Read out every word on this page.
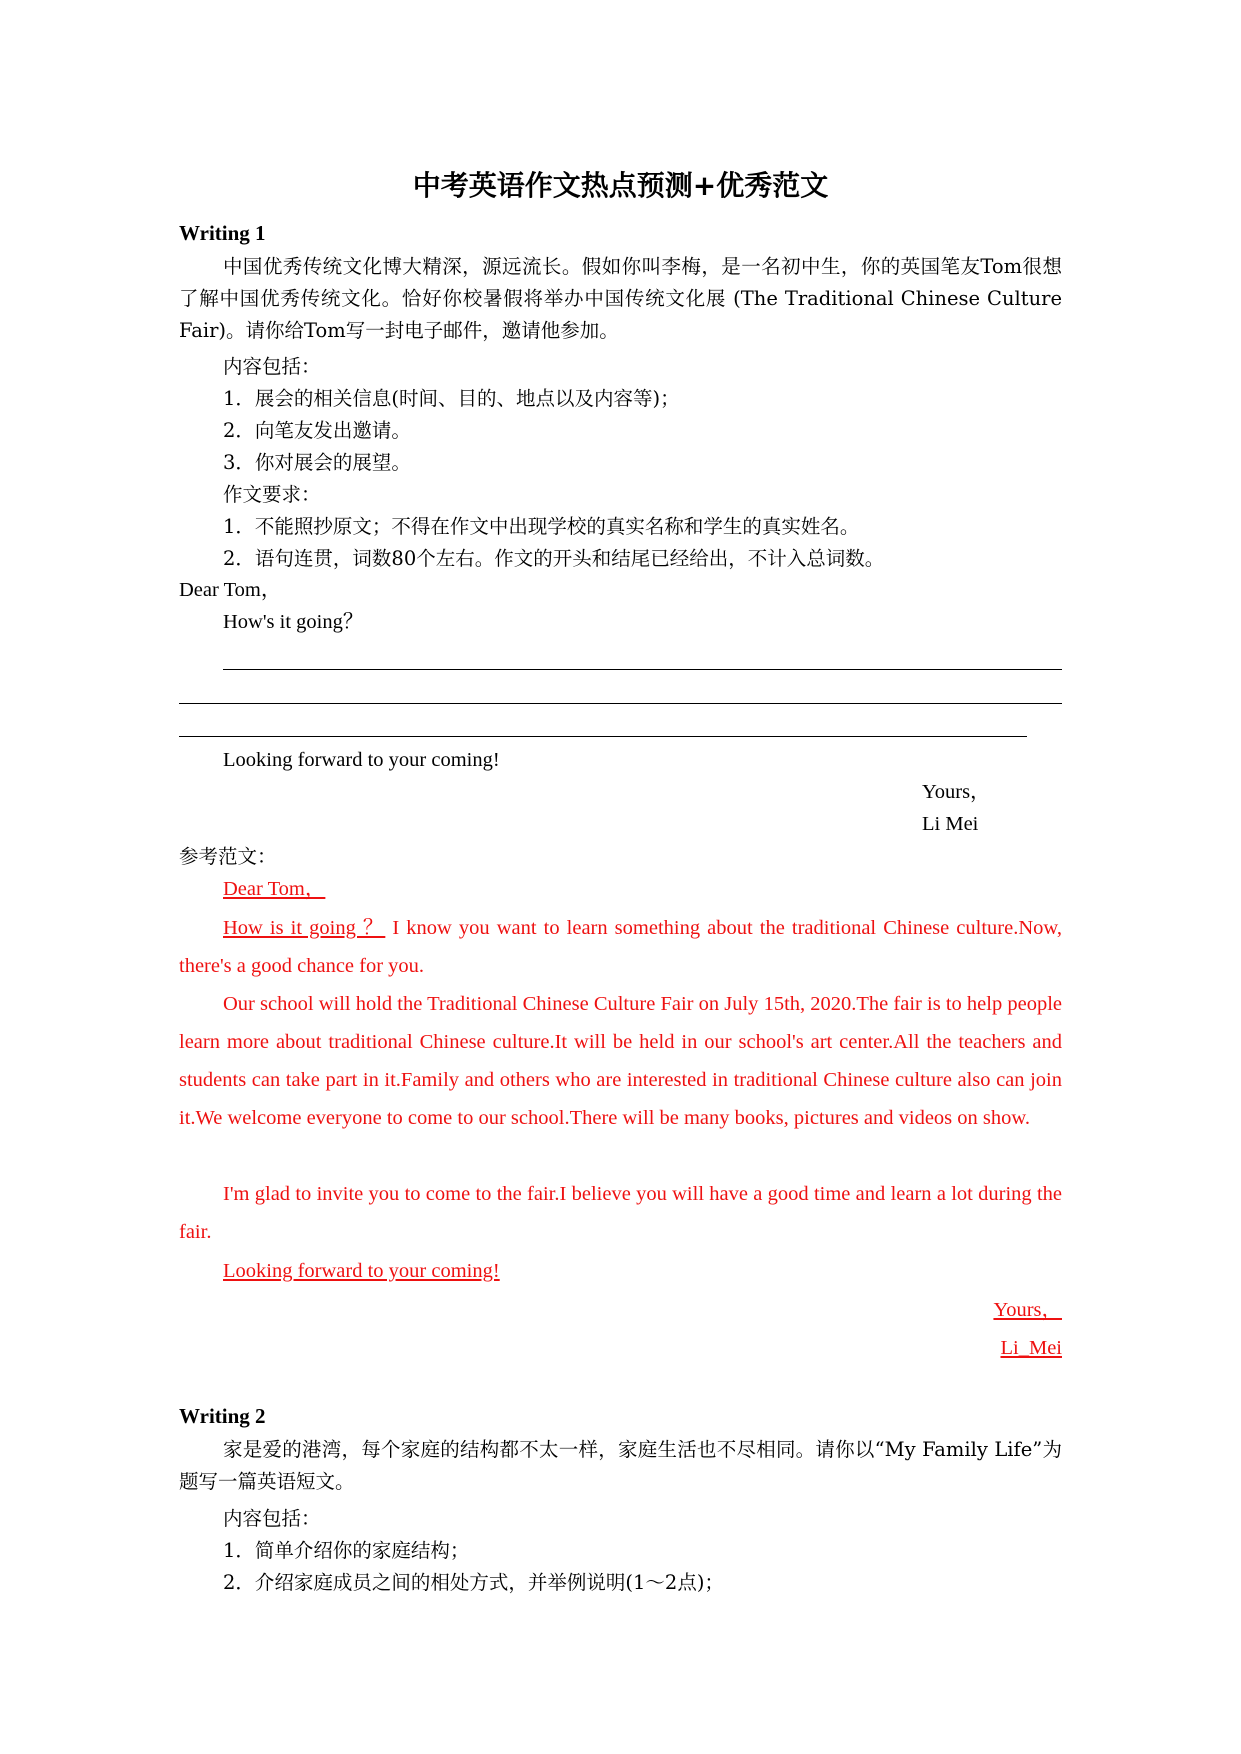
中考英语作文热点预测+优秀范文
Writing 1
中国优秀传统文化博大精深，源远流长。假如你叫李梅，是一名初中生，你的英国笔友Tom很想了解中国优秀传统文化。恰好你校暑假将举办中国传统文化展 (The Traditional Chinese Culture Fair)。请你给Tom写一封电子邮件，邀请他参加。
内容包括：
1．展会的相关信息(时间、目的、地点以及内容等)；
2．向笔友发出邀请。
3．你对展会的展望。
作文要求：
1．不能照抄原文；不得在作文中出现学校的真实名称和学生的真实姓名。
2．语句连贯，词数80个左右。作文的开头和结尾已经给出，不计入总词数。
Dear Tom，
How's it going？
Looking forward to your coming!
Yours，
Li Mei
参考范文：
Dear Tom，
How is it going ？ I know you want to learn something about the traditional Chinese culture.Now, there's a good chance for you.
Our school will hold the Traditional Chinese Culture Fair on July 15th, 2020.The fair is to help people learn more about traditional Chinese culture.It will be held in our school's art center.All the teachers and students can take part in it.Family and others who are interested in traditional Chinese culture also can join it.We welcome everyone to come to our school.There will be many books, pictures and videos on show.
I'm glad to invite you to come to the fair.I believe you will have a good time and learn a lot during the fair.
Looking forward to your coming!
Yours，
Li_Mei
Writing 2
家是爱的港湾，每个家庭的结构都不太一样，家庭生活也不尽相同。请你以“My Family Life”为题写一篇英语短文。
内容包括：
1．简单介绍你的家庭结构；
2．介绍家庭成员之间的相处方式，并举例说明(1～2点)；
